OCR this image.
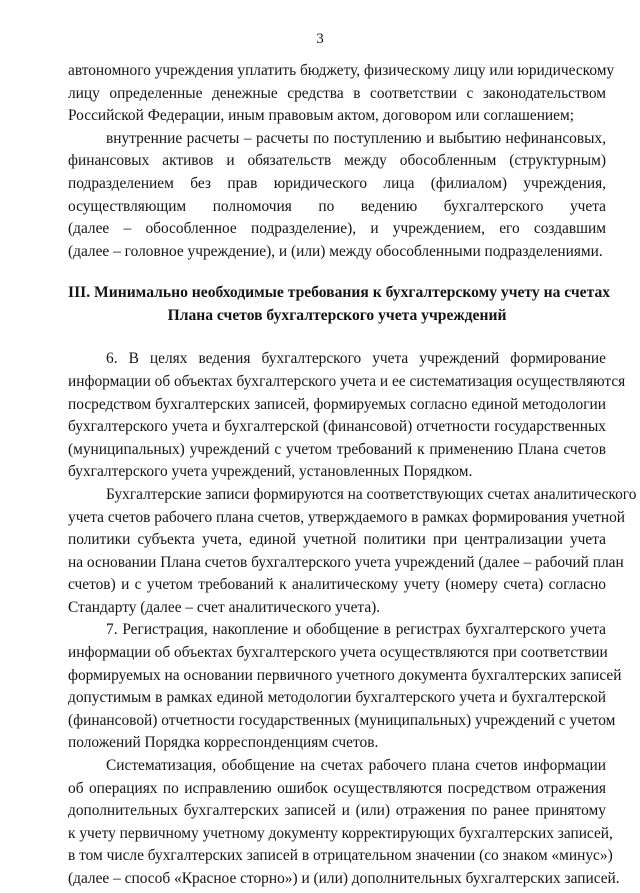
3
автономного учреждения уплатить бюджету, физическому лицу или юридическому
лицу определенные денежные средства в соответствии с законодательством
Российской Федерации, иным правовым актом, договором или соглашением;
внутренние расчеты – расчеты по поступлению и выбытию нефинансовых,
финансовых активов и обязательств между обособленным (структурным)
подразделением без прав юридического лица (филиалом) учреждения,
осуществляющим полномочия по ведению бухгалтерского учета
(далее – обособленное подразделение), и учреждением, его создавшим
(далее – головное учреждение), и (или) между обособленными подразделениями.
III. Минимально необходимые требования к бухгалтерскому учету на счетах
Плана счетов бухгалтерского учета учреждений
6. В целях ведения бухгалтерского учета учреждений формирование
информации об объектах бухгалтерского учета и ее систематизация осуществляются
посредством бухгалтерских записей, формируемых согласно единой методологии
бухгалтерского учета и бухгалтерской (финансовой) отчетности государственных
(муниципальных) учреждений с учетом требований к применению Плана счетов
бухгалтерского учета учреждений, установленных Порядком.
Бухгалтерские записи формируются на соответствующих счетах аналитического
учета счетов рабочего плана счетов, утверждаемого в рамках формирования учетной
политики субъекта учета, единой учетной политики при централизации учета
на основании Плана счетов бухгалтерского учета учреждений (далее – рабочий план
счетов) и с учетом требований к аналитическому учету (номеру счета) согласно
Стандарту (далее – счет аналитического учета).
7. Регистрация, накопление и обобщение в регистрах бухгалтерского учета
информации об объектах бухгалтерского учета осуществляются при соответствии
формируемых на основании первичного учетного документа бухгалтерских записей
допустимым в рамках единой методологии бухгалтерского учета и бухгалтерской
(финансовой) отчетности государственных (муниципальных) учреждений с учетом
положений Порядка корреспонденциям счетов.
Систематизация, обобщение на счетах рабочего плана счетов информации
об операциях по исправлению ошибок осуществляются посредством отражения
дополнительных бухгалтерских записей и (или) отражения по ранее принятому
к учету первичному учетному документу корректирующих бухгалтерских записей,
в том числе бухгалтерских записей в отрицательном значении (со знаком «минус»)
(далее – способ «Красное сторно») и (или) дополнительных бухгалтерских записей.
